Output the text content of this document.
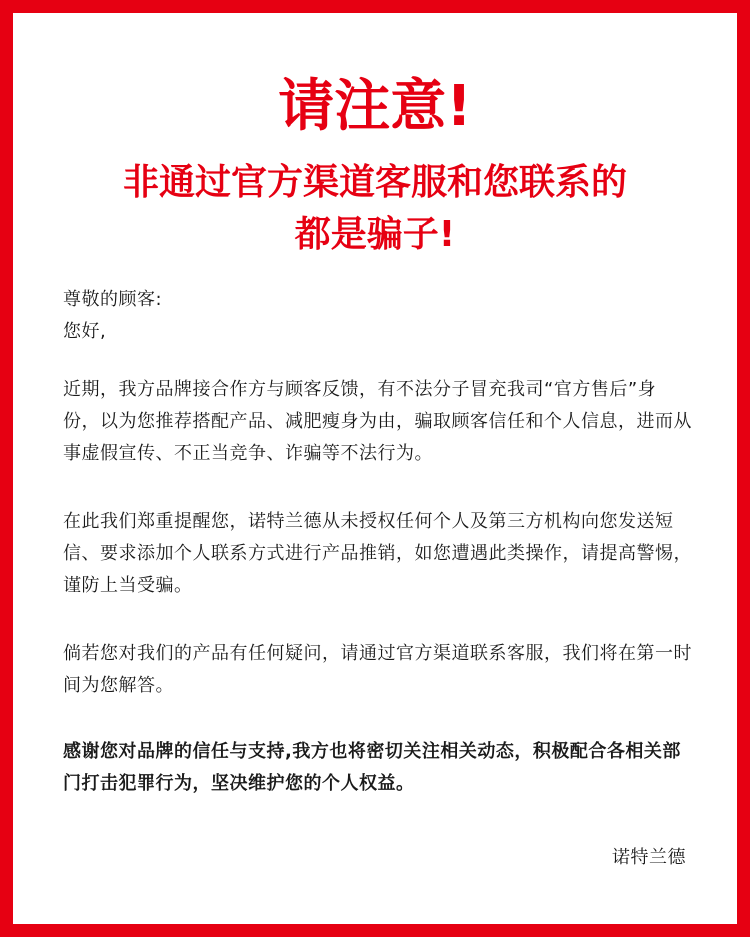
请注意!
非通过官方渠道客服和您联系的
都是骗子!

尊敬的顾客:

您好,

近期，我方品牌接合作方与顾客反馈，有不法分子冒充我司“官方售后”身份，以为您推荐搭配产品、减肥瘦身为由，骗取顾客信任和个人信息，进而从事虚假宣传、不正当竞争、诈骗等不法行为。

在此我们郑重提醒您，诺特兰德从未授权任何个人及第三方机构向您发送短信、要求添加个人联系方式进行产品推销，如您遭遇此类操作，请提高警惕，谨防上当受骗。

倘若您对我们的产品有任何疑问，请通过官方渠道联系客服，我们将在第一时间为您解答。

感谢您对品牌的信任与支持,我方也将密切关注相关动态，积极配合各相关部门打击犯罪行为，坚决维护您的个人权益。

诺特兰德
